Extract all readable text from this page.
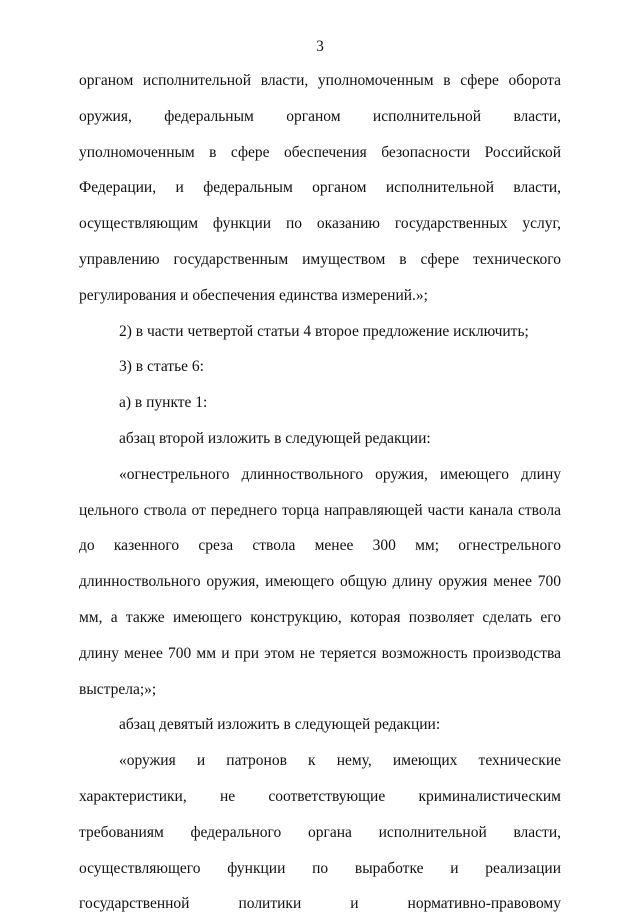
3

органом исполнительной власти, уполномоченным в сфере оборота оружия, федеральным органом исполнительной власти, уполномоченным в сфере обеспечения безопасности Российской Федерации, и федеральным органом исполнительной власти, осуществляющим функции по оказанию государственных услуг, управлению государственным имуществом в сфере технического регулирования и обеспечения единства измерений.»;

2) в части четвертой статьи 4 второе предложение исключить;

3) в статье 6:

а) в пункте 1:

абзац второй изложить в следующей редакции:

«огнестрельного длинноствольного оружия, имеющего длину цельного ствола от переднего торца направляющей части канала ствола до казенного среза ствола менее 300 мм; огнестрельного длинноствольного оружия, имеющего общую длину оружия менее 700 мм, а также имеющего конструкцию, которая позволяет сделать его длину менее 700 мм и при этом не теряется возможность производства выстрела;»;

абзац девятый изложить в следующей редакции:

«оружия и патронов к нему, имеющих технические характеристики, не соответствующие криминалистическим требованиям федерального органа исполнительной власти, осуществляющего функции по выработке и реализации государственной политики и нормативно-правовому
